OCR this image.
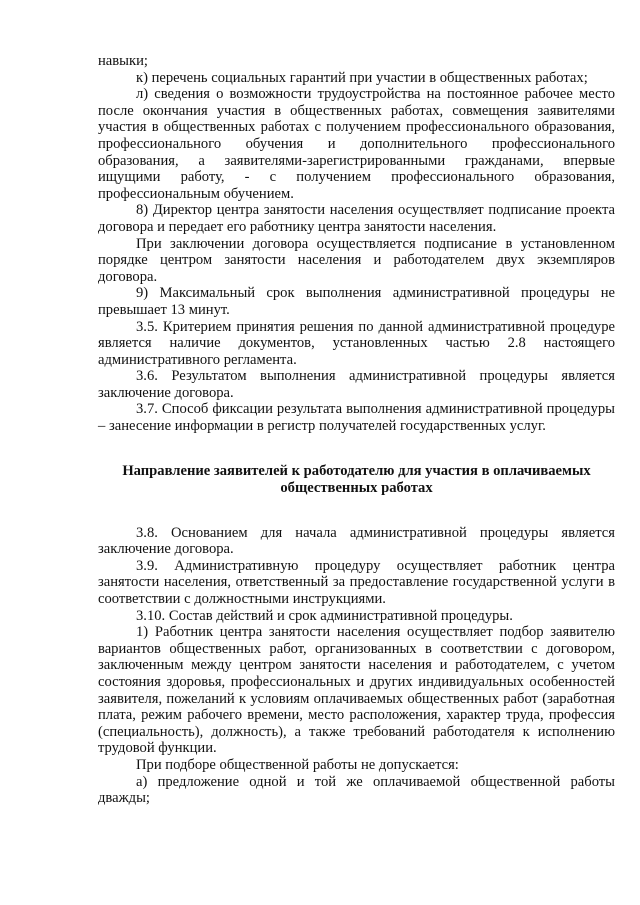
навыки;

к) перечень социальных гарантий при участии в общественных работах;

л) сведения о возможности трудоустройства на постоянное рабочее место после окончания участия в общественных работах, совмещения заявителями участия в общественных работах с получением профессионального образования, профессионального обучения и дополнительного профессионального образования, а заявителями-зарегистрированными гражданами, впервые ищущими работу, - с получением профессионального образования, профессиональным обучением.

8) Директор центра занятости населения осуществляет подписание проекта договора и передает его работнику центра занятости населения.

При заключении договора осуществляется подписание в установленном порядке центром занятости населения и работодателем двух экземпляров договора.

9) Максимальный срок выполнения административной процедуры не превышает 13 минут.

3.5. Критерием принятия решения по данной административной процедуре является наличие документов, установленных частью 2.8 настоящего административного регламента.

3.6. Результатом выполнения административной процедуры является заключение договора.

3.7. Способ фиксации результата выполнения административной процедуры – занесение информации в регистр получателей государственных услуг.

Направление заявителей к работодателю для участия в оплачиваемых общественных работах

3.8. Основанием для начала административной процедуры является заключение договора.

3.9. Административную процедуру осуществляет работник центра занятости населения, ответственный за предоставление государственной услуги в соответствии с должностными инструкциями.

3.10. Состав действий и срок административной процедуры.

1) Работник центра занятости населения осуществляет подбор заявителю вариантов общественных работ, организованных в соответствии с договором, заключенным между центром занятости населения и работодателем, с учетом состояния здоровья, профессиональных и других индивидуальных особенностей заявителя, пожеланий к условиям оплачиваемых общественных работ (заработная плата, режим рабочего времени, место расположения, характер труда, профессия (специальность), должность), а также требований работодателя к исполнению трудовой функции.

При подборе общественной работы не допускается:

а) предложение одной и той же оплачиваемой общественной работы дважды;
